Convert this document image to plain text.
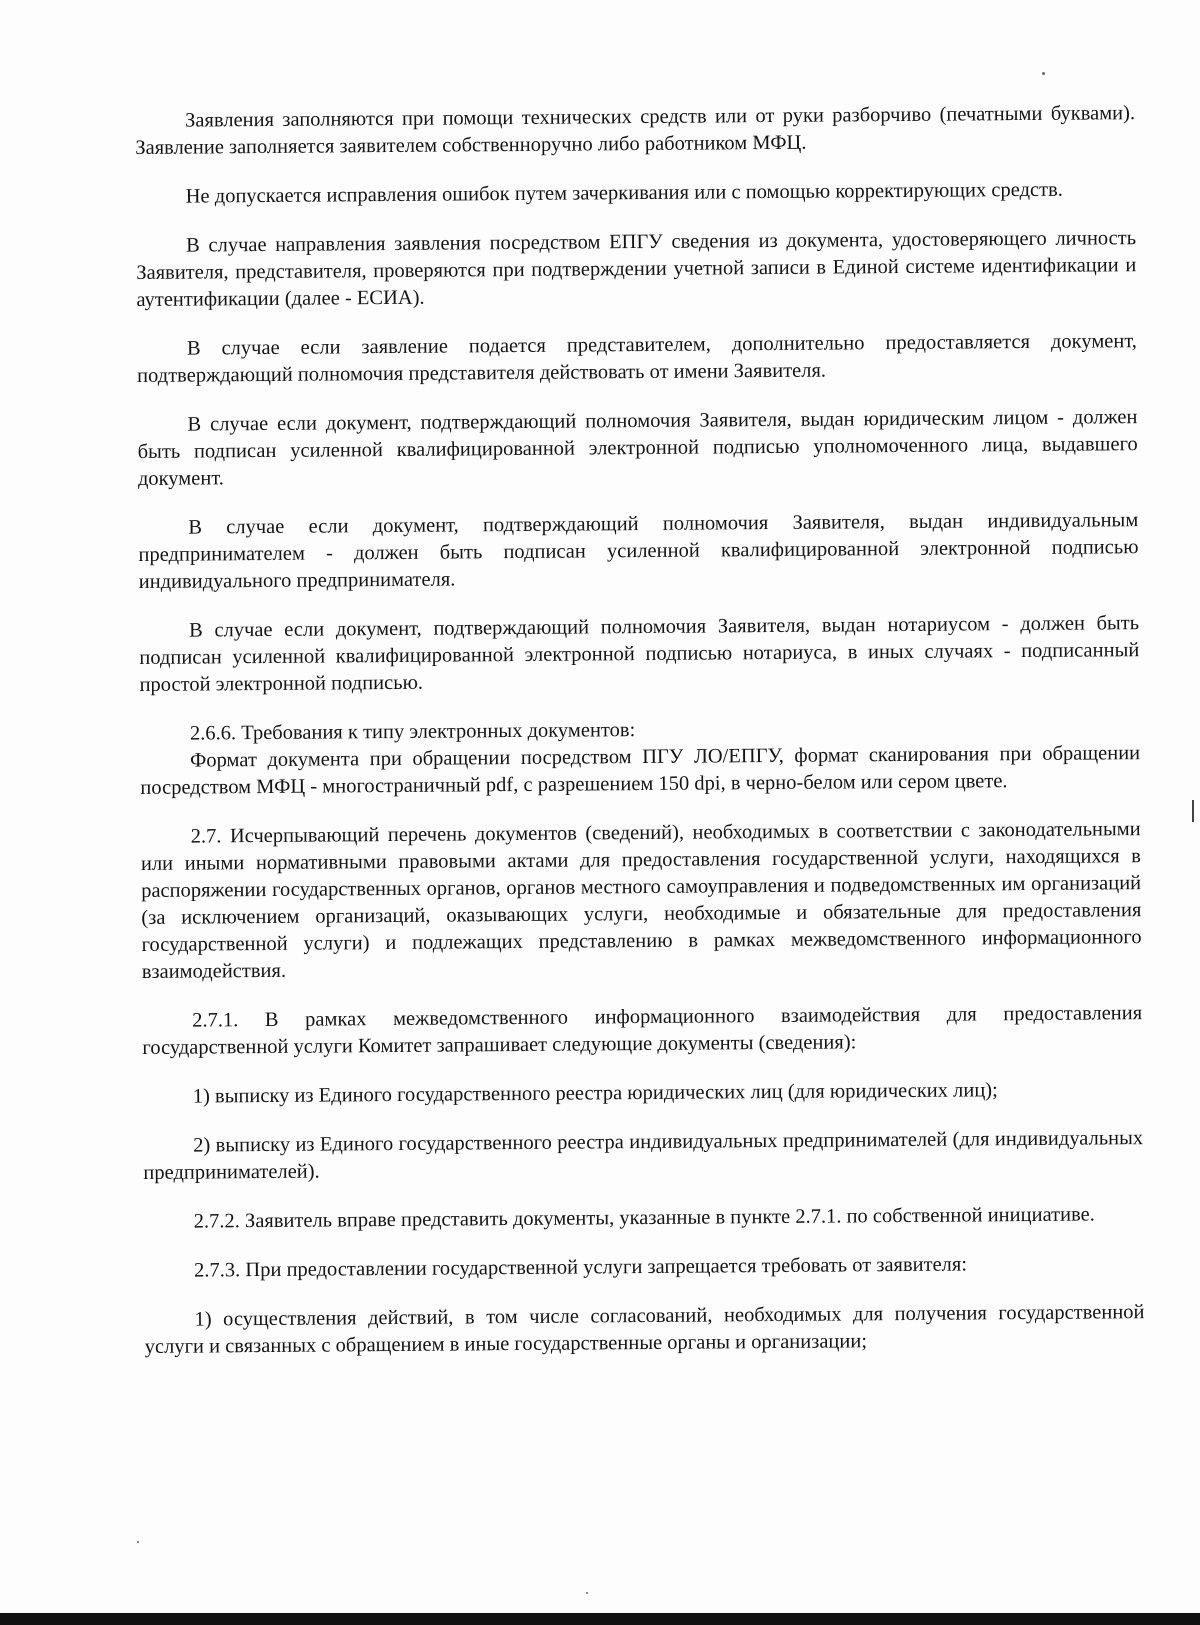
Заявления заполняются при помощи технических средств или от руки разборчиво (печатными буквами). Заявление заполняется заявителем собственноручно либо работником МФЦ.

Не допускается исправления ошибок путем зачеркивания или с помощью корректирующих средств.

В случае направления заявления посредством ЕПГУ сведения из документа, удостоверяющего личность Заявителя, представителя, проверяются при подтверждении учетной записи в Единой системе идентификации и аутентификации (далее - ЕСИА).

В случае если заявление подается представителем, дополнительно предоставляется документ, подтверждающий полномочия представителя действовать от имени Заявителя.

В случае если документ, подтверждающий полномочия Заявителя, выдан юридическим лицом - должен быть подписан усиленной квалифицированной электронной подписью уполномоченного лица, выдавшего документ.

В случае если документ, подтверждающий полномочия Заявителя, выдан индивидуальным предпринимателем - должен быть подписан усиленной квалифицированной электронной подписью индивидуального предпринимателя.

В случае если документ, подтверждающий полномочия Заявителя, выдан нотариусом - должен быть подписан усиленной квалифицированной электронной подписью нотариуса, в иных случаях - подписанный простой электронной подписью.

2.6.6. Требования к типу электронных документов:

Формат документа при обращении посредством ПГУ ЛО/ЕПГУ, формат сканирования при обращении посредством МФЦ - многостраничный pdf, с разрешением 150 dpi, в черно-белом или сером цвете.

2.7. Исчерпывающий перечень документов (сведений), необходимых в соответствии с законодательными или иными нормативными правовыми актами для предоставления государственной услуги, находящихся в распоряжении государственных органов, органов местного самоуправления и подведомственных им организаций (за исключением организаций, оказывающих услуги, необходимые и обязательные для предоставления государственной услуги) и подлежащих представлению в рамках межведомственного информационного взаимодействия.

2.7.1. В рамках межведомственного информационного взаимодействия для предоставления государственной услуги Комитет запрашивает следующие документы (сведения):

1) выписку из Единого государственного реестра юридических лиц (для юридических лиц);

2) выписку из Единого государственного реестра индивидуальных предпринимателей (для индивидуальных предпринимателей).

2.7.2. Заявитель вправе представить документы, указанные в пункте 2.7.1. по собственной инициативе.

2.7.3. При предоставлении государственной услуги запрещается требовать от заявителя:

1) осуществления действий, в том числе согласований, необходимых для получения государственной услуги и связанных с обращением в иные государственные органы и организации;
